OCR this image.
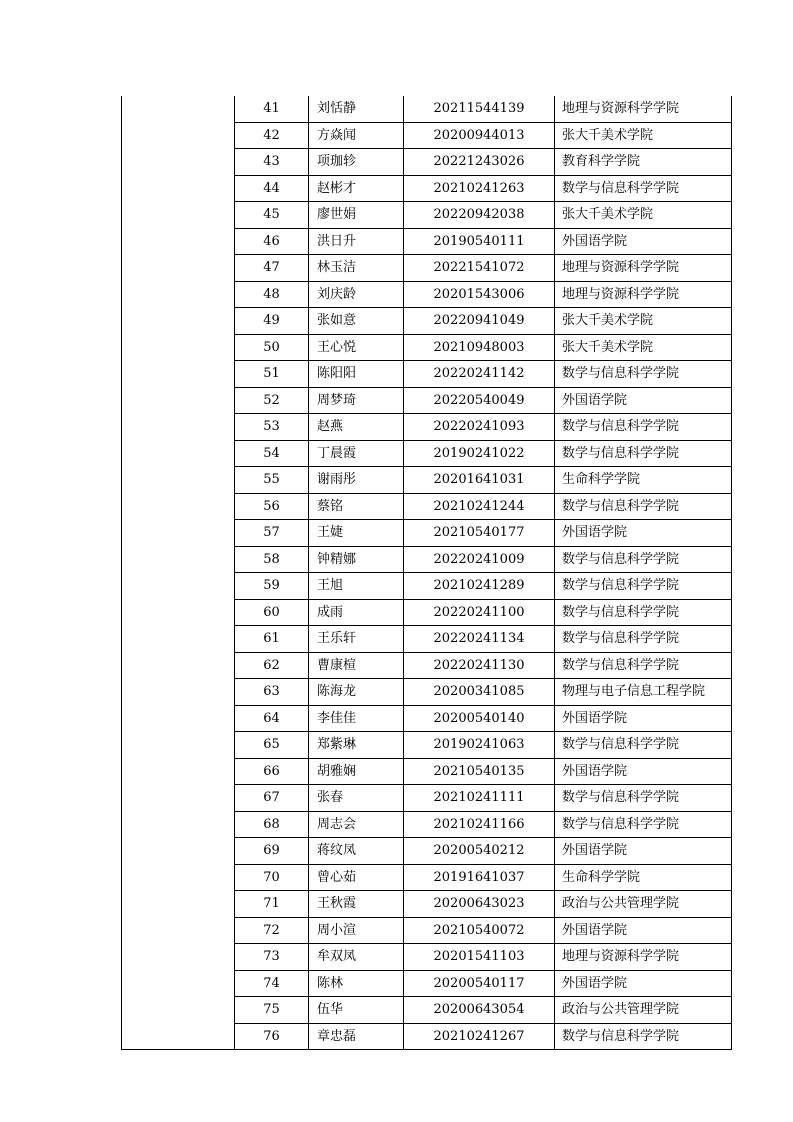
	41	刘恬静	20211544139	地理与资源科学学院
	42	方焱闻	20200944013	张大千美术学院
	43	项珈轸	20221243026	教育科学学院
	44	赵彬才	20210241263	数学与信息科学学院
	45	廖世娟	20220942038	张大千美术学院
	46	洪日升	20190540111	外国语学院
	47	林玉洁	20221541072	地理与资源科学学院
	48	刘庆龄	20201543006	地理与资源科学学院
	49	张如意	20220941049	张大千美术学院
	50	王心悦	20210948003	张大千美术学院
	51	陈阳阳	20220241142	数学与信息科学学院
	52	周梦琦	20220540049	外国语学院
	53	赵燕	20220241093	数学与信息科学学院
	54	丁晨霞	20190241022	数学与信息科学学院
	55	谢雨彤	20201641031	生命科学学院
	56	蔡铭	20210241244	数学与信息科学学院
	57	王婕	20210540177	外国语学院
	58	钟精娜	20220241009	数学与信息科学学院
	59	王旭	20210241289	数学与信息科学学院
	60	成雨	20220241100	数学与信息科学学院
	61	王乐轩	20220241134	数学与信息科学学院
	62	曹康楦	20220241130	数学与信息科学学院
	63	陈海龙	20200341085	物理与电子信息工程学院
	64	李佳佳	20200540140	外国语学院
	65	郑紫琳	20190241063	数学与信息科学学院
	66	胡雅娴	20210540135	外国语学院
	67	张春	20210241111	数学与信息科学学院
	68	周志会	20210241166	数学与信息科学学院
	69	蒋纹凤	20200540212	外国语学院
	70	曾心茹	20191641037	生命科学学院
	71	王秋霞	20200643023	政治与公共管理学院
	72	周小渲	20210540072	外国语学院
	73	牟双凤	20201541103	地理与资源科学学院
	74	陈林	20200540117	外国语学院
	75	伍华	20200643054	政治与公共管理学院
	76	章忠磊	20210241267	数学与信息科学学院
